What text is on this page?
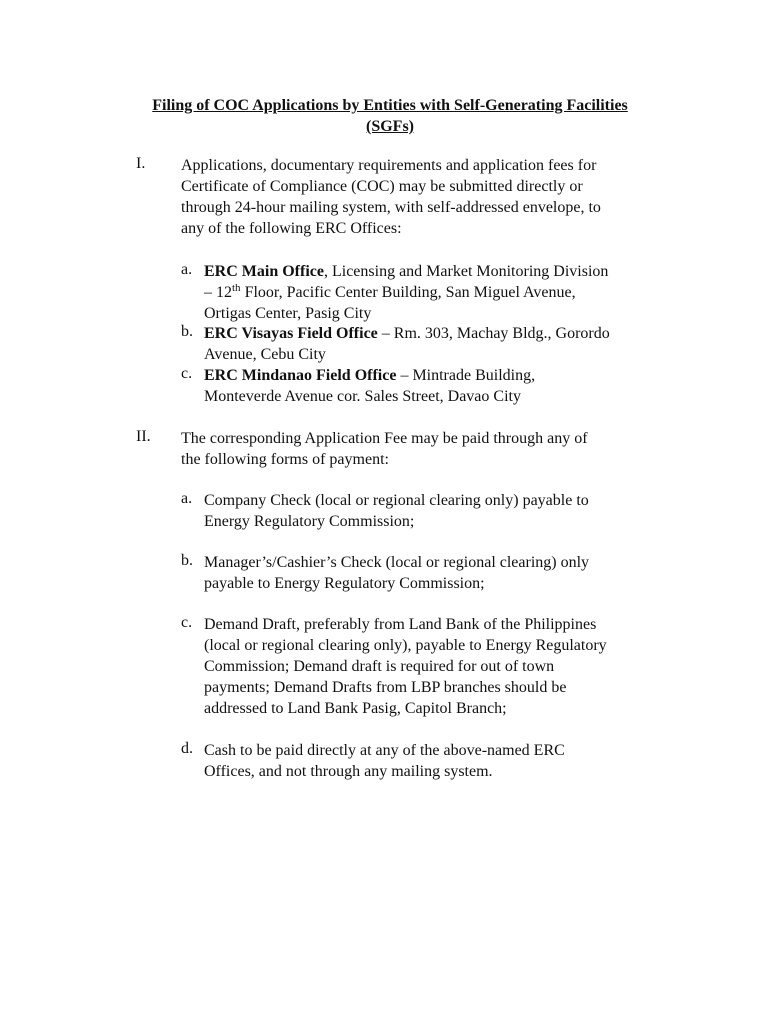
Filing of COC Applications by Entities with Self-Generating Facilities
(SGFs)
I. Applications, documentary requirements and application fees for
Certificate of Compliance (COC) may be submitted directly or
through 24-hour mailing system, with self-addressed envelope, to
any of the following ERC Offices:
a. ERC Main Office, Licensing and Market Monitoring Division
– 12th Floor, Pacific Center Building, San Miguel Avenue,
Ortigas Center, Pasig City
b. ERC Visayas Field Office – Rm. 303, Machay Bldg., Gorordo
Avenue, Cebu City
c. ERC Mindanao Field Office – Mintrade Building,
Monteverde Avenue cor. Sales Street, Davao City
II. The corresponding Application Fee may be paid through any of
the following forms of payment:
a. Company Check (local or regional clearing only) payable to
Energy Regulatory Commission;
b. Manager’s/Cashier’s Check (local or regional clearing) only
payable to Energy Regulatory Commission;
c. Demand Draft, preferably from Land Bank of the Philippines
(local or regional clearing only), payable to Energy Regulatory
Commission; Demand draft is required for out of town
payments; Demand Drafts from LBP branches should be
addressed to Land Bank Pasig, Capitol Branch;
d. Cash to be paid directly at any of the above-named ERC
Offices, and not through any mailing system.
